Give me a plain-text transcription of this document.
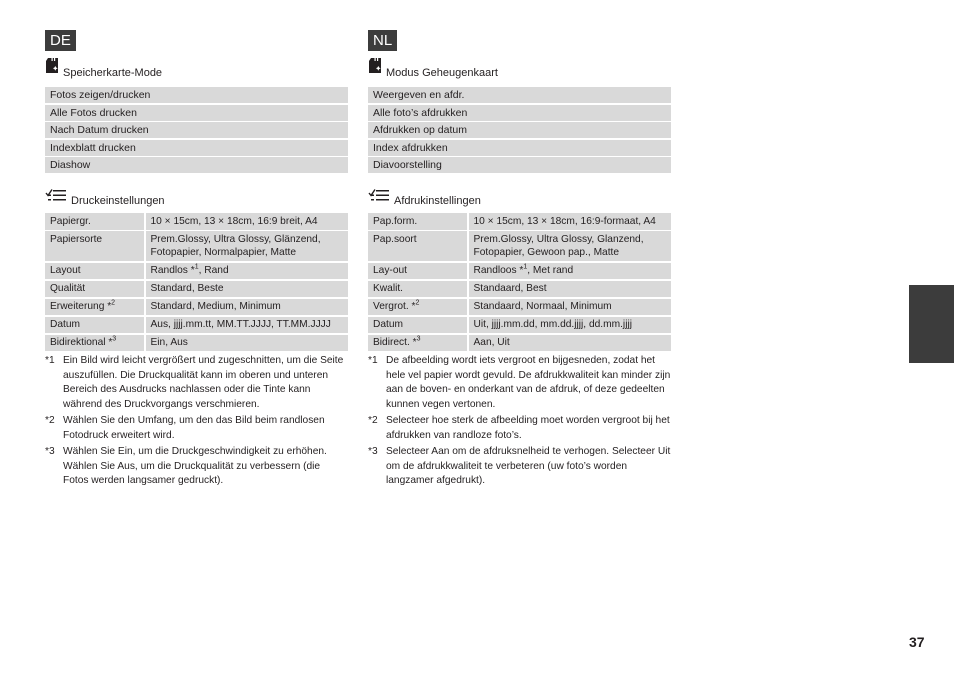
DE
Speicherkarte-Mode
Fotos zeigen/drucken
Alle Fotos drucken
Nach Datum drucken
Indexblatt drucken
Diashow
Druckeinstellungen
Papiergr.	10 × 15cm, 13 × 18cm, 16:9 breit, A4
Papiersorte	Prem.Glossy, Ultra Glossy, Glänzend, Fotopapier, Normalpapier, Matte
Layout	Randlos *$^1$, Rand
Qualität	Standard, Beste
Erweiterung *$^2$	Standard, Medium, Minimum
Datum	Aus, jjjj.mm.tt, MM.TT.JJJJ, TT.MM.JJJJ
Bidirektional *$^3$	Ein, Aus
*1 Ein Bild wird leicht vergrößert und zugeschnitten, um die Seite auszufüllen. Die Druckqualität kann im oberen und unteren Bereich des Ausdrucks nachlassen oder die Tinte kann während des Druckvorgangs verschmieren.
*2 Wählen Sie den Umfang, um den das Bild beim randlosen Fotodruck erweitert wird.
*3 Wählen Sie Ein, um die Druckgeschwindigkeit zu erhöhen. Wählen Sie Aus, um die Druckqualität zu verbessern (die Fotos werden langsamer gedruckt).
NL
Modus Geheugenkaart
Weergeven en afdr.
Alle foto’s afdrukken
Afdrukken op datum
Index afdrukken
Diavoorstelling
Afdrukinstellingen
Pap.form.	10 × 15cm, 13 × 18cm, 16:9-formaat, A4
Pap.soort	Prem.Glossy, Ultra Glossy, Glanzend, Fotopapier, Gewoon pap., Matte
Lay-out	Randloos *$^1$, Met rand
Kwalit.	Standaard, Best
Vergrot. *$^2$	Standaard, Normaal, Minimum
Datum	Uit, jjjj.mm.dd, mm.dd.jjjj, dd.mm.jjjj
Bidirect. *$^3$	Aan, Uit
*1 De afbeelding wordt iets vergroot en bijgesneden, zodat het hele vel papier wordt gevuld. De afdrukkwaliteit kan minder zijn aan de boven- en onderkant van de afdruk, of deze gedeelten kunnen vegen vertonen.
*2 Selecteer hoe sterk de afbeelding moet worden vergroot bij het afdrukken van randloze foto’s.
*3 Selecteer Aan om de afdruksnelheid te verhogen. Selecteer Uit om de afdrukkwaliteit te verbeteren (uw foto’s worden langzamer afgedrukt).
37
